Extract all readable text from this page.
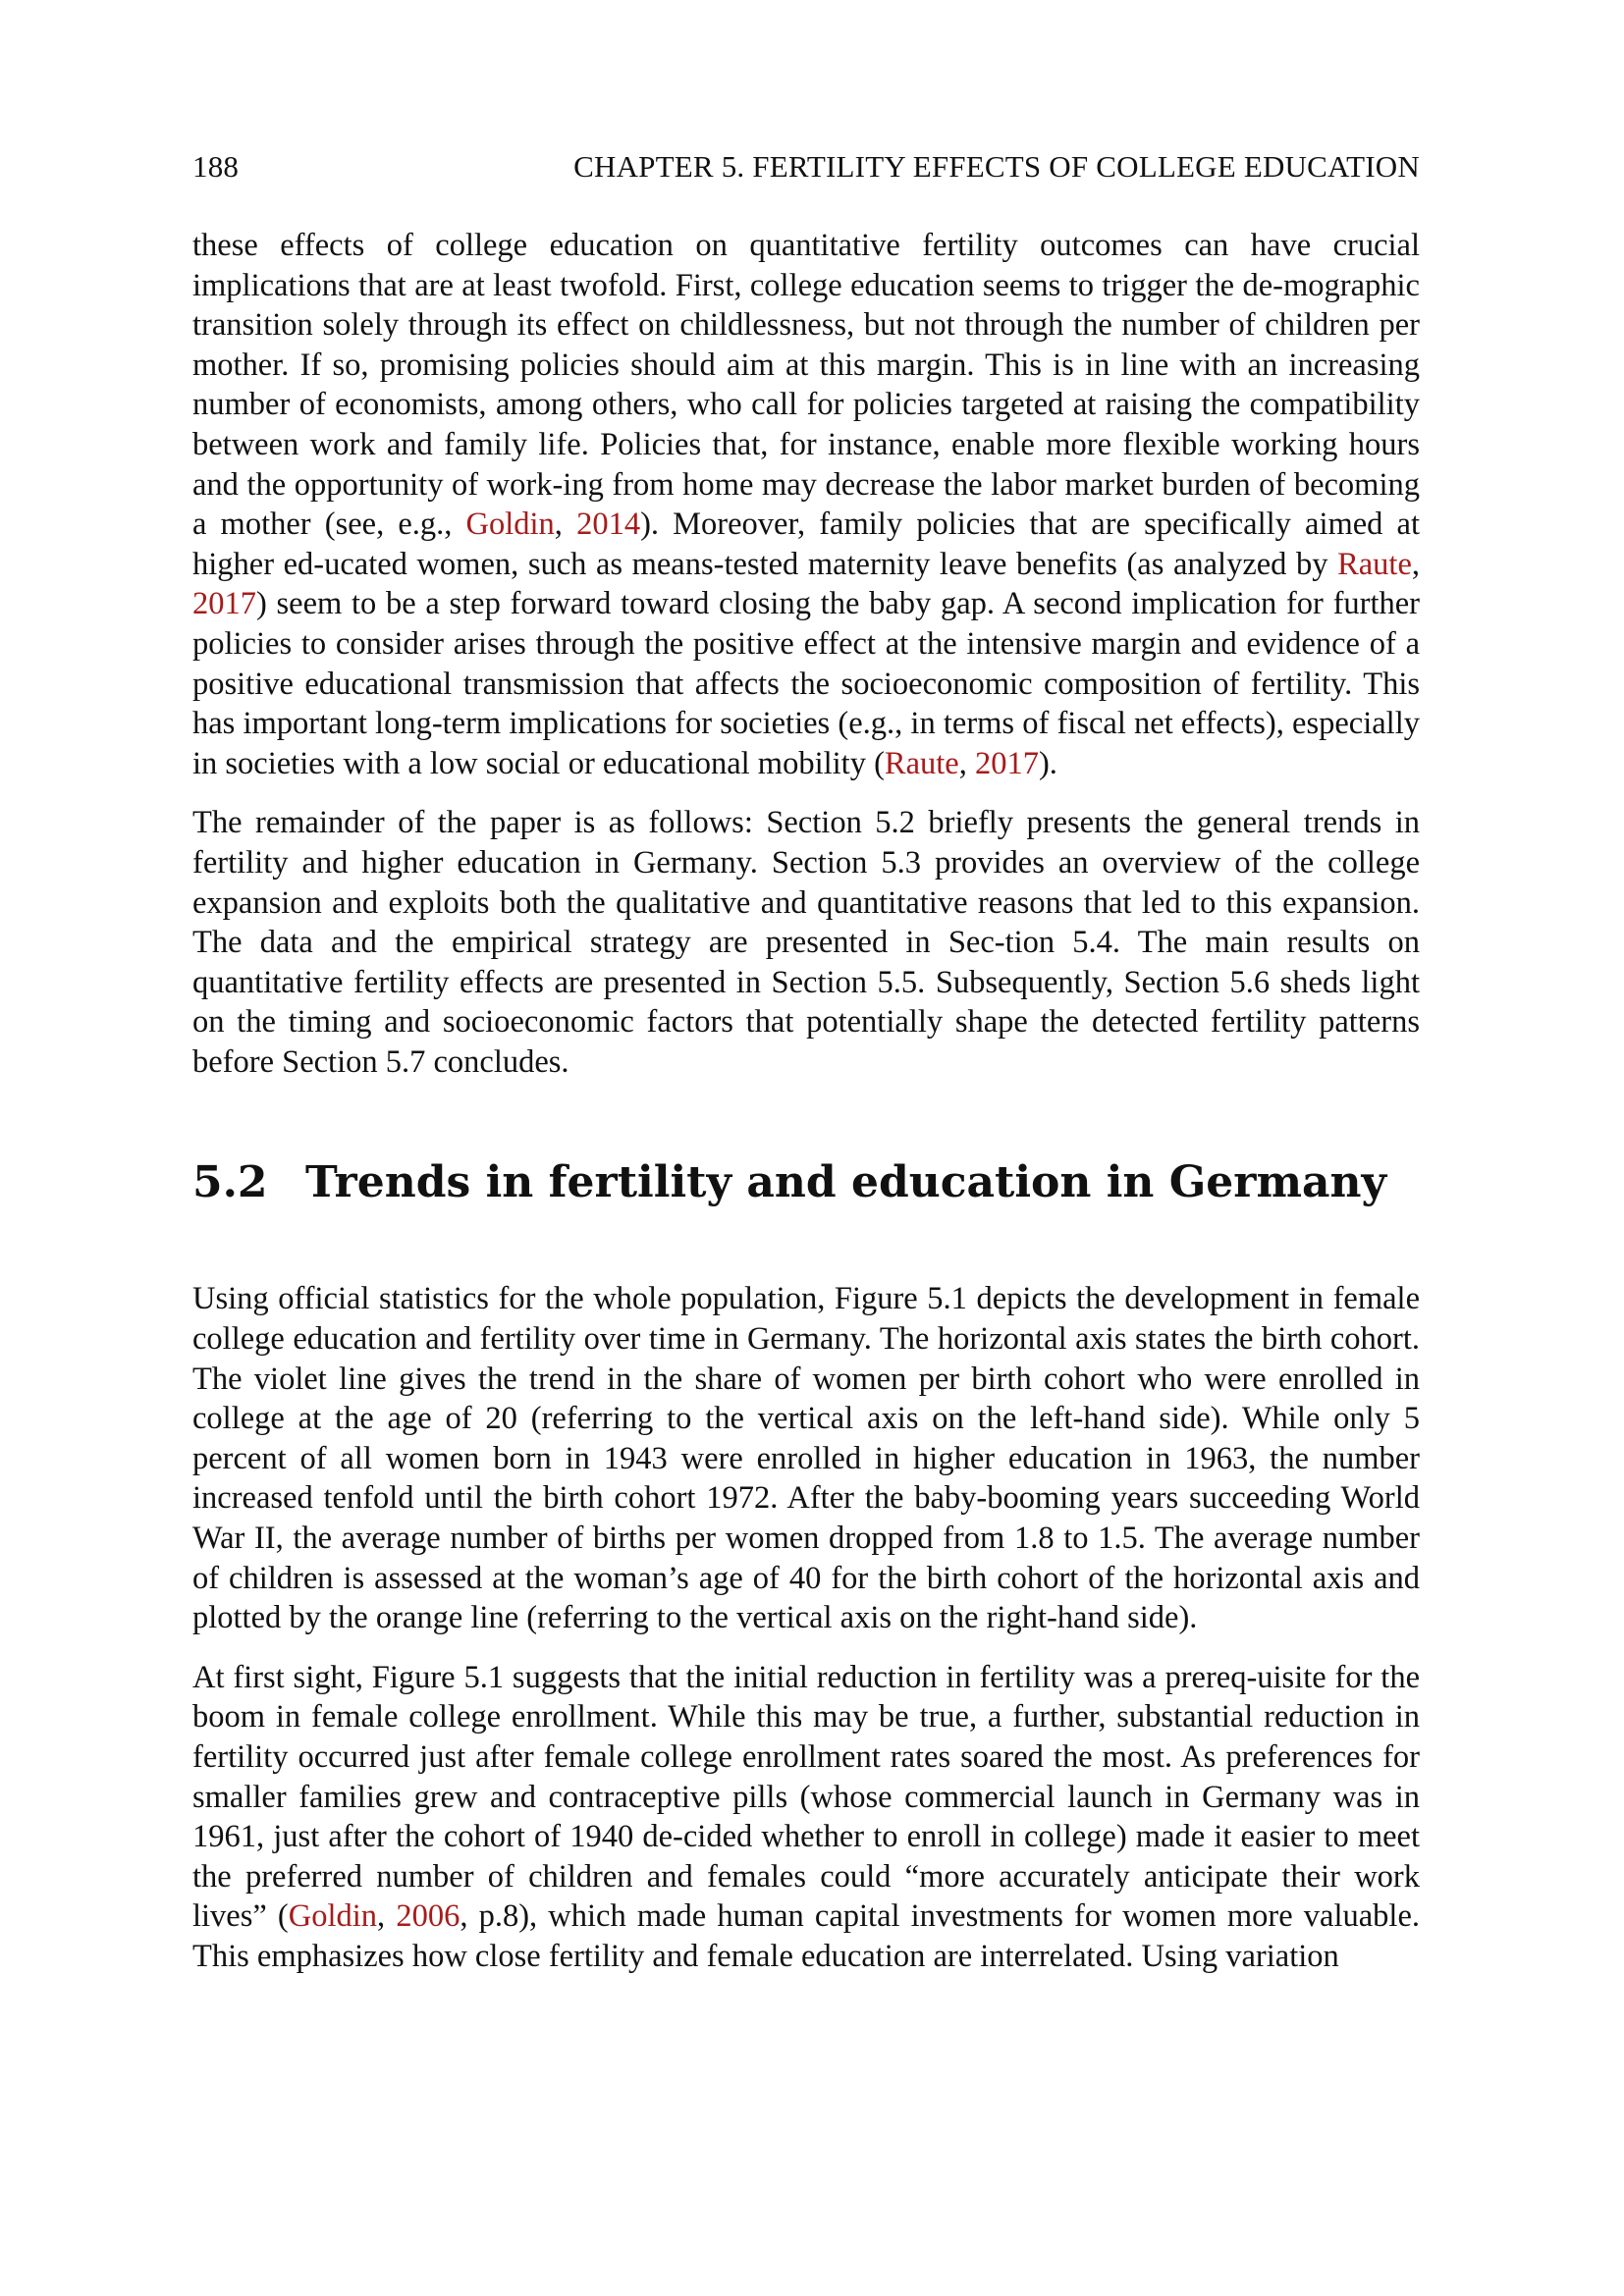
188	CHAPTER 5. FERTILITY EFFECTS OF COLLEGE EDUCATION

these effects of college education on quantitative fertility outcomes can have crucial implications that are at least twofold. First, college education seems to trigger the de-mographic transition solely through its effect on childlessness, but not through the number of children per mother. If so, promising policies should aim at this margin. This is in line with an increasing number of economists, among others, who call for policies targeted at raising the compatibility between work and family life. Policies that, for instance, enable more flexible working hours and the opportunity of work-ing from home may decrease the labor market burden of becoming a mother (see, e.g., Goldin, 2014). Moreover, family policies that are specifically aimed at higher ed-ucated women, such as means-tested maternity leave benefits (as analyzed by Raute, 2017) seem to be a step forward toward closing the baby gap. A second implication for further policies to consider arises through the positive effect at the intensive margin and evidence of a positive educational transmission that affects the socioeconomic composition of fertility. This has important long-term implications for societies (e.g., in terms of fiscal net effects), especially in societies with a low social or educational mobility (Raute, 2017).

The remainder of the paper is as follows: Section 5.2 briefly presents the general trends in fertility and higher education in Germany. Section 5.3 provides an overview of the college expansion and exploits both the qualitative and quantitative reasons that led to this expansion. The data and the empirical strategy are presented in Sec-tion 5.4. The main results on quantitative fertility effects are presented in Section 5.5. Subsequently, Section 5.6 sheds light on the timing and socioeconomic factors that potentially shape the detected fertility patterns before Section 5.7 concludes.

5.2 Trends in fertility and education in Germany

Using official statistics for the whole population, Figure 5.1 depicts the development in female college education and fertility over time in Germany. The horizontal axis states the birth cohort. The violet line gives the trend in the share of women per birth cohort who were enrolled in college at the age of 20 (referring to the vertical axis on the left-hand side). While only 5 percent of all women born in 1943 were enrolled in higher education in 1963, the number increased tenfold until the birth cohort 1972. After the baby-booming years succeeding World War II, the average number of births per women dropped from 1.8 to 1.5. The average number of children is assessed at the woman’s age of 40 for the birth cohort of the horizontal axis and plotted by the orange line (referring to the vertical axis on the right-hand side).

At first sight, Figure 5.1 suggests that the initial reduction in fertility was a prereq-uisite for the boom in female college enrollment. While this may be true, a further, substantial reduction in fertility occurred just after female college enrollment rates soared the most. As preferences for smaller families grew and contraceptive pills (whose commercial launch in Germany was in 1961, just after the cohort of 1940 de-cided whether to enroll in college) made it easier to meet the preferred number of children and females could “more accurately anticipate their work lives” (Goldin, 2006, p.8), which made human capital investments for women more valuable. This emphasizes how close fertility and female education are interrelated. Using variation
